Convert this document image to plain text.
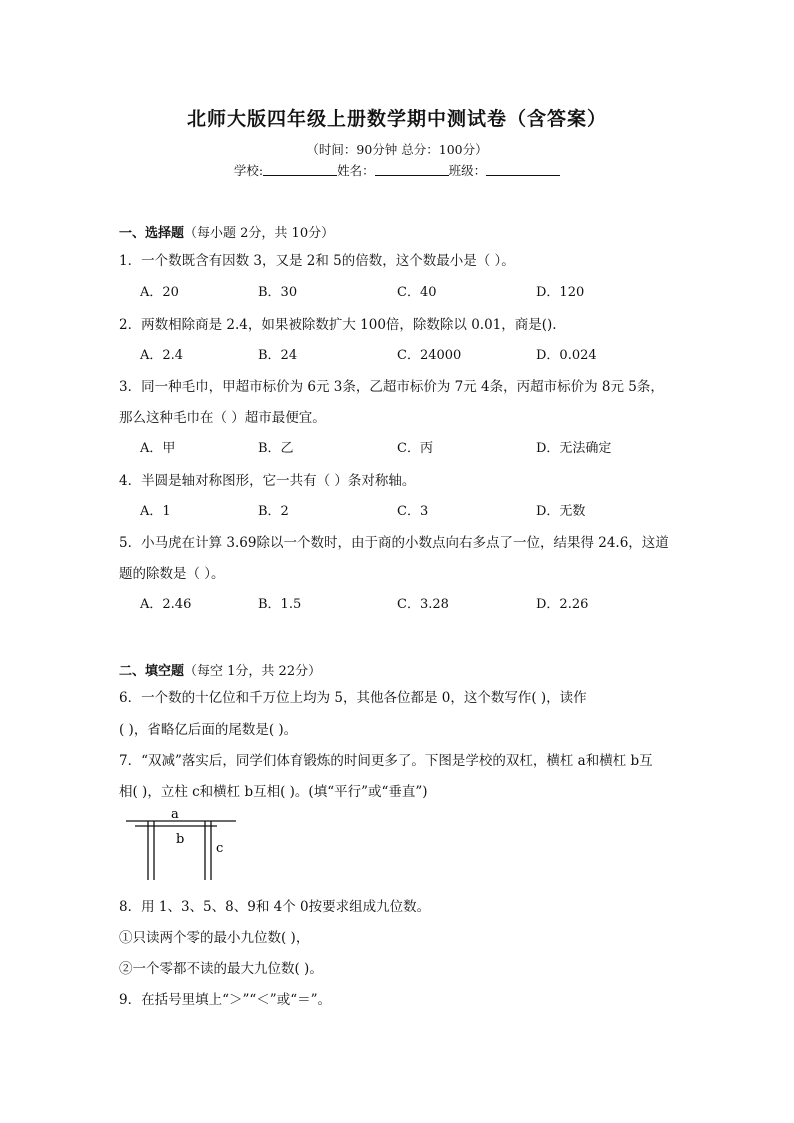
北师大版四年级上册数学期中测试卷（含答案）
（时间：90分钟 总分：100分）
学校:	姓名：	班级：
一、选择题（每小题 2分，共 10分）
1．一个数既含有因数 3，又是 2和 5的倍数，这个数最小是（ ）。
A．20	B．30	C．40	D．120
2．两数相除商是 2.4，如果被除数扩大 100倍，除数除以 0.01，商是().
A．2.4	B．24	C．24000	D．0.024
3．同一种毛巾，甲超市标价为 6元 3条，乙超市标价为 7元 4条，丙超市标价为 8元 5条，
那么这种毛巾在（ ）超市最便宜。
A．甲	B．乙	C．丙	D．无法确定
4．半圆是轴对称图形，它一共有（ ）条对称轴。
A．1	B．2	C．3	D．无数
5．小马虎在计算 3.69除以一个数时，由于商的小数点向右多点了一位，结果得 24.6，这道
题的除数是（ ）。
A．2.46	B．1.5	C．3.28	D．2.26
二、填空题（每空 1分，共 22分）
6．一个数的十亿位和千万位上均为 5，其他各位都是 0，这个数写作( )，读作
( )，省略亿后面的尾数是( )。
7．“双减”落实后，同学们体育锻炼的时间更多了。下图是学校的双杠，横杠 a和横杠 b互
相( )，立柱 c和横杠 b互相( )。(填“平行”或“垂直”)
a
b
c
8．用 1、3、5、8、9和 4个 0按要求组成九位数。
①只读两个零的最小九位数( )，
②一个零都不读的最大九位数( )。
9．在括号里填上“＞”“＜”或“＝”。
